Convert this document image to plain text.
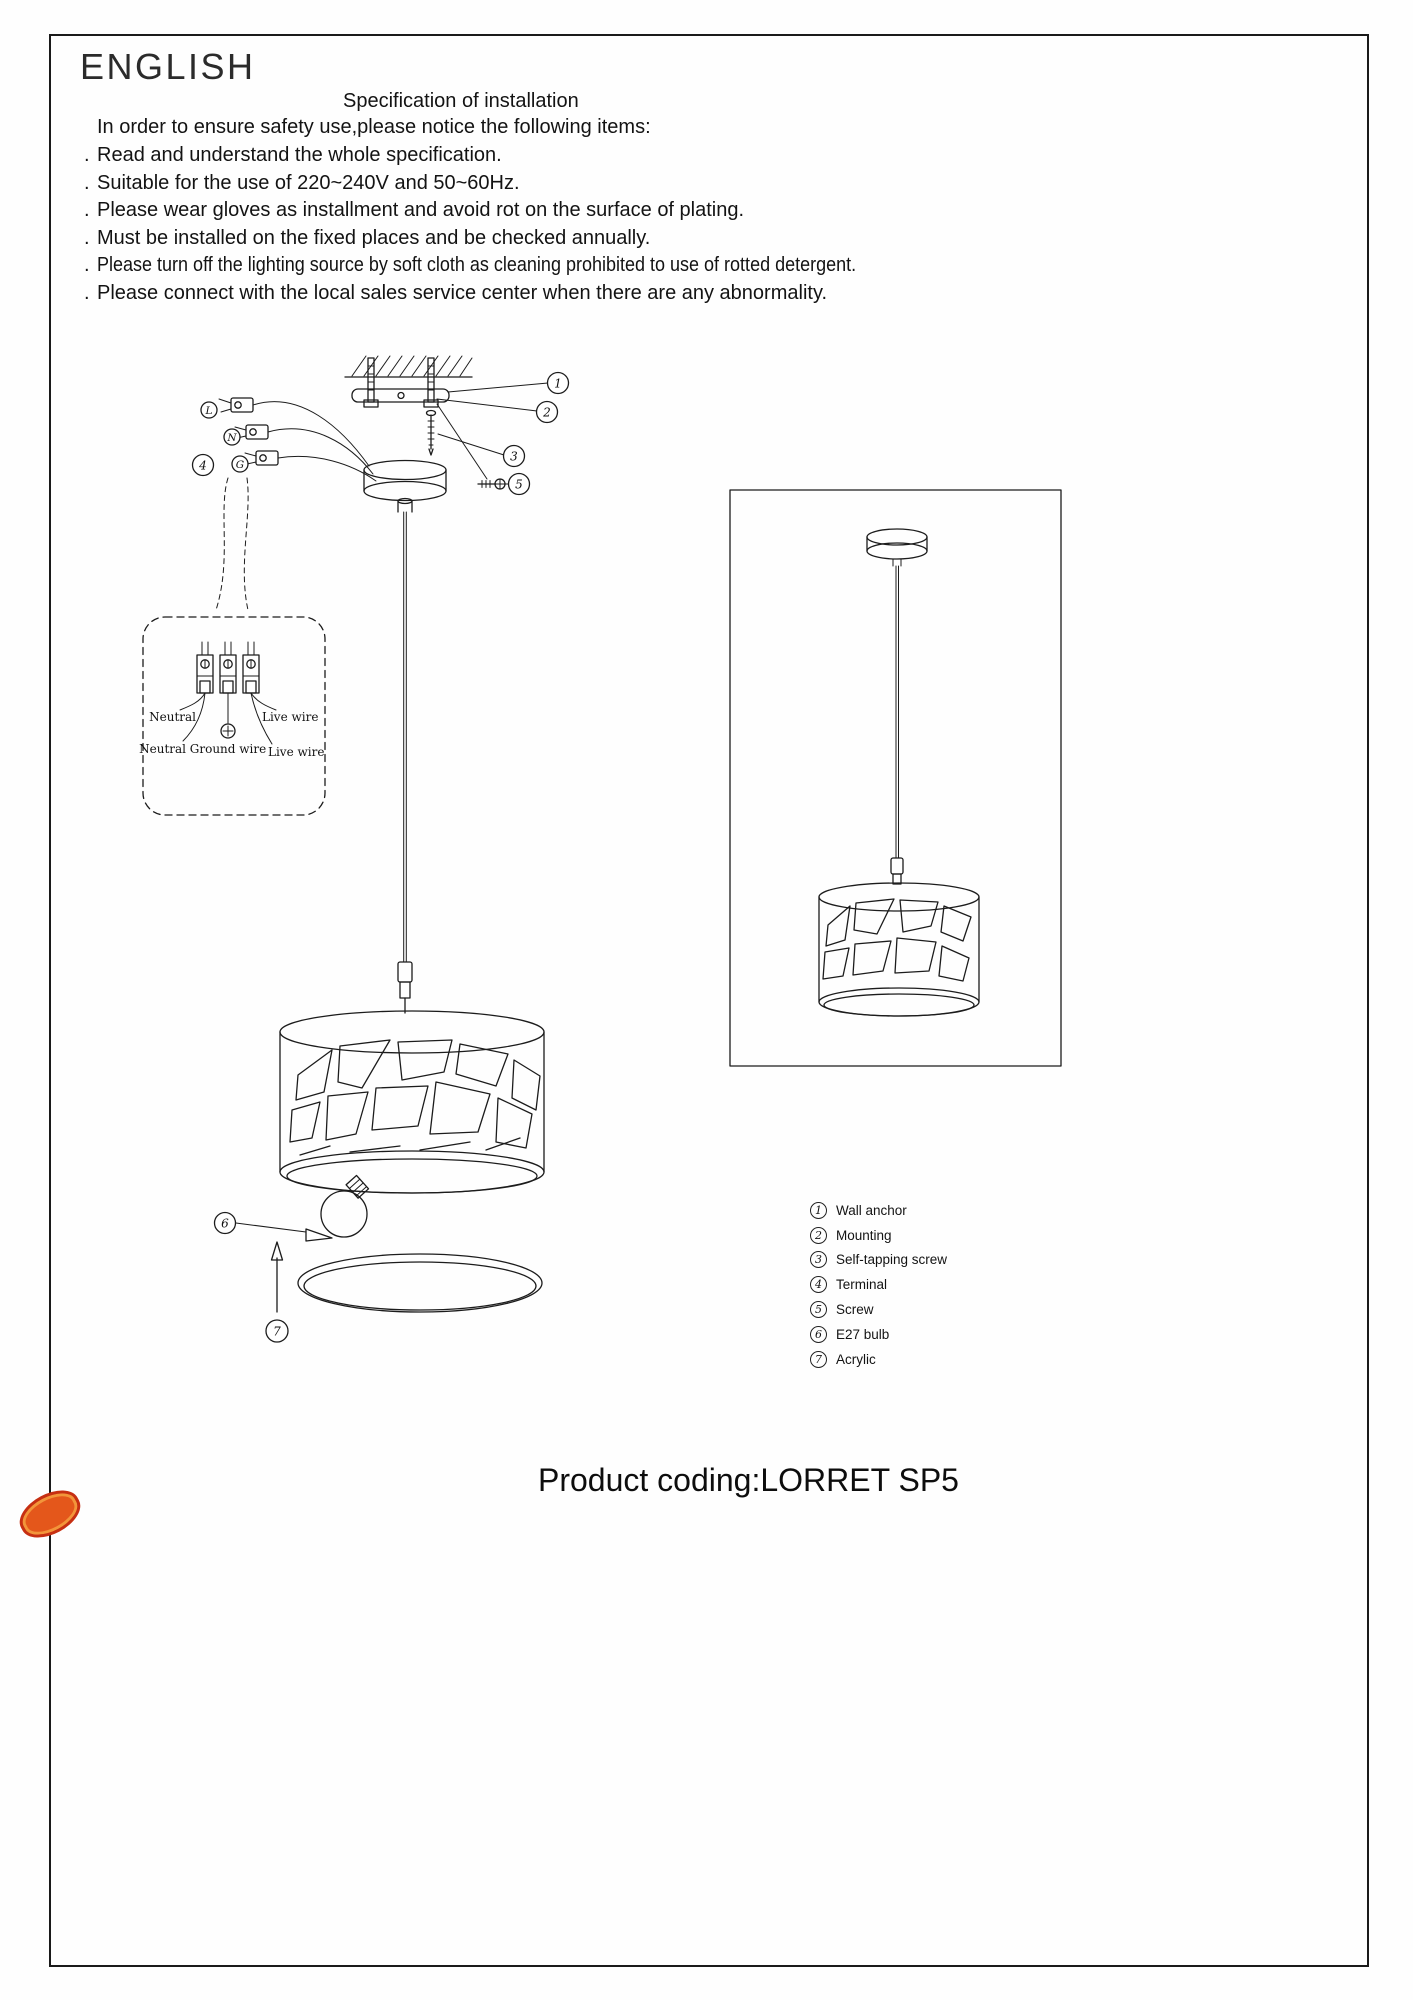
ENGLISH
Specification of installation
In order to ensure safety use,please notice the following items:
. Read and understand the whole specification.
. Suitable for the use of 220~240V and 50~60Hz.
. Please wear gloves as installment and avoid rot on the surface of plating.
. Must be installed on the fixed places and be checked annually.
. Please turn off the lighting source by soft cloth as cleaning prohibited to use of rotted detergent.
. Please connect with the local sales service center when there are any abnormality.
1
2
3
5
L
N
G
4
Neutral	Live wire
Neutral Ground wire Live wire
6
7
1	Wall anchor
2	Mounting
3	Self-tapping screw
4	Terminal
5	Screw
6	E27 bulb
7	Acrylic
Product coding:LORRET SP5
